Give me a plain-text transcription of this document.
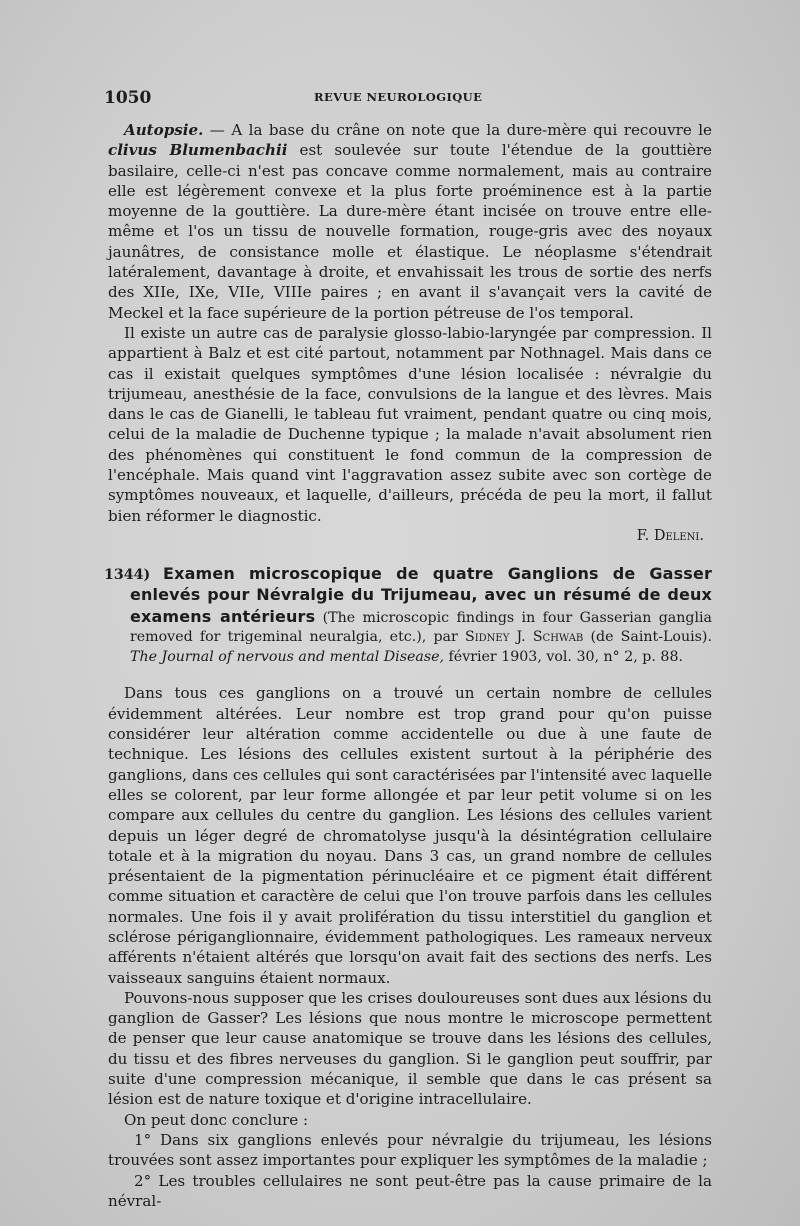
1050	REVUE NEUROLOGIQUE

Autopsie. — A la base du crâne on note que la dure-mère qui recouvre le clivus Blumenbachii est soulevée sur toute l'étendue de la gouttière basilaire, celle-ci n'est pas concave comme normalement, mais au contraire elle est légèrement convexe et la plus forte proéminence est à la partie moyenne de la gouttière. La dure-mère étant incisée on trouve entre elle-même et l'os un tissu de nouvelle formation, rouge-gris avec des noyaux jaunâtres, de consistance molle et élastique. Le néoplasme s'étendrait latéralement, davantage à droite, et envahissait les trous de sortie des nerfs des XIIe, IXe, VIIe, VIIIe paires ; en avant il s'avançait vers la cavité de Meckel et la face supérieure de la portion pétreuse de l'os temporal.

Il existe un autre cas de paralysie glosso-labio-laryngée par compression. Il appartient à Balz et est cité partout, notamment par Nothnagel. Mais dans ce cas il existait quelques symptômes d'une lésion localisée : névralgie du trijumeau, anesthésie de la face, convulsions de la langue et des lèvres. Mais dans le cas de Gianelli, le tableau fut vraiment, pendant quatre ou cinq mois, celui de la maladie de Duchenne typique ; la malade n'avait absolument rien des phénomènes qui constituent le fond commun de la compression de l'encéphale. Mais quand vint l'aggravation assez subite avec son cortège de symptômes nouveaux, et laquelle, d'ailleurs, précéda de peu la mort, il fallut bien réformer le diagnostic.

F. Deleni.

1344) Examen microscopique de quatre Ganglions de Gasser enlevés pour Névralgie du Trijumeau, avec un résumé de deux examens antérieurs (The microscopic findings in four Gasserian ganglia removed for trigeminal neuralgia, etc.), par Sidney J. Schwab (de Saint-Louis). The Journal of nervous and mental Disease, février 1903, vol. 30, n° 2, p. 88.

Dans tous ces ganglions on a trouvé un certain nombre de cellules évidemment altérées. Leur nombre est trop grand pour qu'on puisse considérer leur altération comme accidentelle ou due à une faute de technique. Les lésions des cellules existent surtout à la périphérie des ganglions, dans ces cellules qui sont caractérisées par l'intensité avec laquelle elles se colorent, par leur forme allongée et par leur petit volume si on les compare aux cellules du centre du ganglion. Les lésions des cellules varient depuis un léger degré de chromatolyse jusqu'à la désintégration cellulaire totale et à la migration du noyau. Dans 3 cas, un grand nombre de cellules présentaient de la pigmentation périnucléaire et ce pigment était différent comme situation et caractère de celui que l'on trouve parfois dans les cellules normales. Une fois il y avait prolifération du tissu interstitiel du ganglion et sclérose périganglionnaire, évidemment pathologiques. Les rameaux nerveux afférents n'étaient altérés que lorsqu'on avait fait des sections des nerfs. Les vaisseaux sanguins étaient normaux.

Pouvons-nous supposer que les crises douloureuses sont dues aux lésions du ganglion de Gasser? Les lésions que nous montre le microscope permettent de penser que leur cause anatomique se trouve dans les lésions des cellules, du tissu et des fibres nerveuses du ganglion. Si le ganglion peut souffrir, par suite d'une compression mécanique, il semble que dans le cas présent sa lésion est de nature toxique et d'origine intracellulaire.

On peut donc conclure :

1° Dans six ganglions enlevés pour névralgie du trijumeau, les lésions trouvées sont assez importantes pour expliquer les symptômes de la maladie ;

2° Les troubles cellulaires ne sont peut-être pas la cause primaire de la névral-
